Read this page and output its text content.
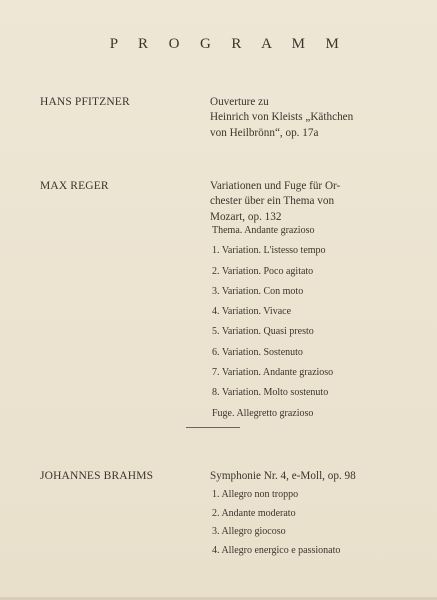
P R O G R A M M
HANS PFITZNER	Ouverture zu
Heinrich von Kleists „Käthchen
von Heilbrönn“, op. 17a
MAX REGER	Variationen und Fuge für Or-
chester über ein Thema von
Mozart, op. 132
Thema. Andante grazioso
1. Variation. L'istesso tempo
2. Variation. Poco agitato
3. Variation. Con moto
4. Variation. Vivace
5. Variation. Quasi presto
6. Variation. Sostenuto
7. Variation. Andante grazioso
8. Variation. Molto sostenuto
Fuge. Allegretto grazioso
JOHANNES BRAHMS	Symphonie Nr. 4, e-Moll, op. 98
1. Allegro non troppo
2. Andante moderato
3. Allegro giocoso
4. Allegro energico e passionato
